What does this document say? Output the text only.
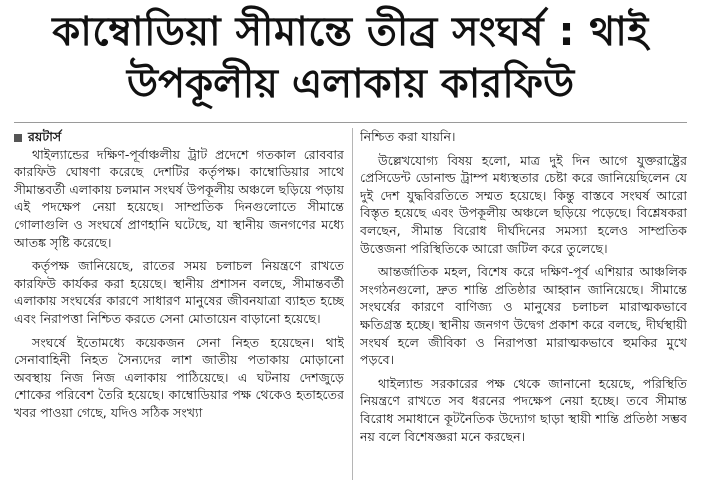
কাম্বোডিয়া সীমান্তে তীব্র সংঘর্ষ : থাই
উপকূলীয় এলাকায় কারফিউ
রয়টার্স

থাইল্যান্ডের দক্ষিণ-পূর্বাঞ্চলীয় ট্রাট প্রদেশে গতকাল রোববার কারফিউ ঘোষণা করেছে দেশটির কর্তৃপক্ষ। কাম্বোডিয়ার সাথে সীমান্তবর্তী এলাকায় চলমান সংঘর্ষ উপকূলীয় অঞ্চলে ছড়িয়ে পড়ায় এই পদক্ষেপ নেয়া হয়েছে। সাম্প্রতিক দিনগুলোতে সীমান্তে গোলাগুলি ও সংঘর্ষে প্রাণহানি ঘটেছে, যা স্থানীয় জনগণের মধ্যে আতঙ্ক সৃষ্টি করেছে।

কর্তৃপক্ষ জানিয়েছে, রাতের সময় চলাচল নিয়ন্ত্রণে রাখতে কারফিউ কার্যকর করা হয়েছে। স্থানীয় প্রশাসন বলছে, সীমান্তবর্তী এলাকায় সংঘর্ষের কারণে সাধারণ মানুষের জীবনযাত্রা ব্যাহত হচ্ছে এবং নিরাপত্তা নিশ্চিত করতে সেনা মোতায়েন বাড়ানো হয়েছে।

সংঘর্ষে ইতোমধ্যে কয়েকজন সেনা নিহত হয়েছেন। থাই সেনাবাহিনী নিহত সৈন্যদের লাশ জাতীয় পতাকায় মোড়ানো অবস্থায় নিজ নিজ এলাকায় পাঠিয়েছে। এ ঘটনায় দেশজুড়ে শোকের পরিবেশ তৈরি হয়েছে। কাম্বোডিয়ার পক্ষ থেকেও হতাহতের খবর পাওয়া গেছে, যদিও সঠিক সংখ্যা

নিশ্চিত করা যায়নি।

উল্লেখযোগ্য বিষয় হলো, মাত্র দুই দিন আগে যুক্তরাষ্ট্রের প্রেসিডেন্ট ডোনাল্ড ট্রাম্প মধ্যস্থতার চেষ্টা করে জানিয়েছিলেন যে দুই দেশ যুদ্ধবিরতিতে সম্মত হয়েছে। কিন্তু বাস্তবে সংঘর্ষ আরো বিস্তৃত হয়েছে এবং উপকূলীয় অঞ্চলে ছড়িয়ে পড়েছে। বিশ্লেষকরা বলছেন, সীমান্ত বিরোধ দীর্ঘদিনের সমস্যা হলেও সাম্প্রতিক উত্তেজনা পরিস্থিতিকে আরো জটিল করে তুলেছে।

আন্তর্জাতিক মহল, বিশেষ করে দক্ষিণ-পূর্ব এশিয়ার আঞ্চলিক সংগঠনগুলো, দ্রুত শান্তি প্রতিষ্ঠার আহ্বান জানিয়েছে। সীমান্তে সংঘর্ষের কারণে বাণিজ্য ও মানুষের চলাচল মারাত্মকভাবে ক্ষতিগ্রস্ত হচ্ছে। স্থানীয় জনগণ উদ্বেগ প্রকাশ করে বলছে, দীর্ঘস্থায়ী সংঘর্ষ হলে জীবিকা ও নিরাপত্তা মারাত্মকভাবে হুমকির মুখে পড়বে।

থাইল্যান্ড সরকারের পক্ষ থেকে জানানো হয়েছে, পরিস্থিতি নিয়ন্ত্রণে রাখতে সব ধরনের পদক্ষেপ নেয়া হচ্ছে। তবে সীমান্ত বিরোধ সমাধানে কূটনৈতিক উদ্যোগ ছাড়া স্থায়ী শান্তি প্রতিষ্ঠা সম্ভব নয় বলে বিশেষজ্ঞরা মনে করছেন।
